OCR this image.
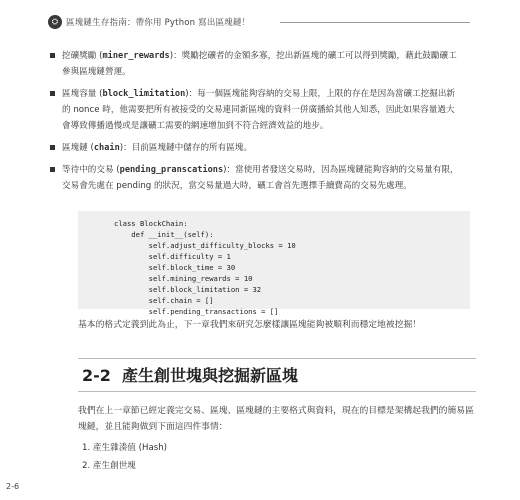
⛭ 區塊鏈生存指南：帶你用 Python 寫出區塊鏈！
挖礦獎勵 (miner_rewards)：獎勵挖礦者的金額多寡，挖出新區塊的礦工可以得到獎勵，藉此鼓勵礦工參與區塊鏈營運。
區塊容量 (block_limitation)：每一個區塊能夠容納的交易上限，上限的存在是因為當礦工挖掘出新的 nonce 時，他需要把所有被接受的交易連同新區塊的資料一併廣播給其他人知悉，因此如果容量過大會導致傳播過慢或是讓礦工需要的網速增加到不符合經濟效益的地步。
區塊鏈 (chain)：目前區塊鏈中儲存的所有區塊。
等待中的交易 (pending_pranscations)：當使用者發送交易時，因為區塊鏈能夠容納的交易量有限，交易會先處在 pending 的狀況，當交易量過大時，礦工會首先選擇手續費高的交易先處理。
class BlockChain:
def __init__(self):
self.adjust_difficulty_blocks = 10
self.difficulty = 1
self.block_time = 30
self.mining_rewards = 10
self.block_limitation = 32
self.chain = []
self.pending_transactions = []
基本的格式定義到此為止，下一章我們來研究怎麼樣讓區塊能夠被順利而穩定地被挖掘！
2-2 產生創世塊與挖掘新區塊
我們在上一章節已經定義完交易、區塊、區塊鏈的主要格式與資料，現在的目標是架構起我們的簡易區塊鏈，並且能夠做到下面這四件事情：
1. 產生雜湊值 (Hash)
2. 產生創世塊
2-6
